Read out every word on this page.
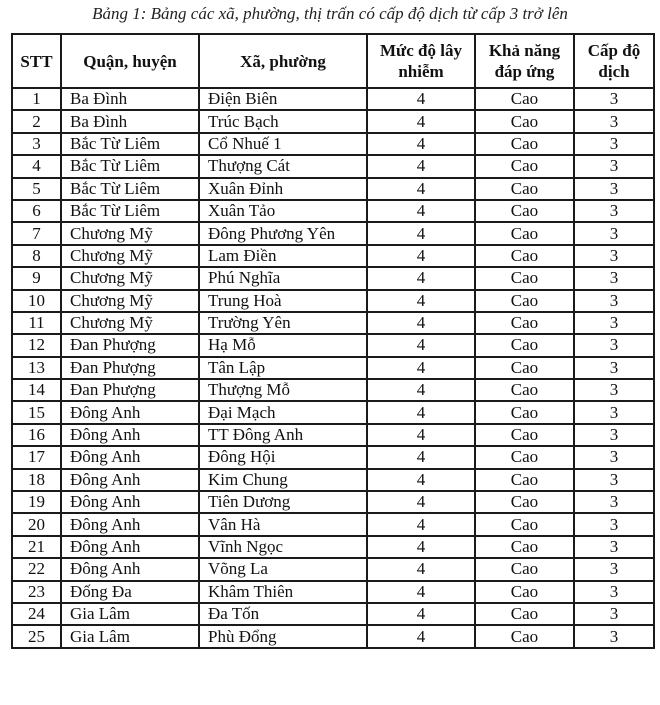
Bảng 1: Bảng các xã, phường, thị trấn có cấp độ dịch từ cấp 3 trở lên
STT	Quận, huyện	Xã, phường	Mức độ lây nhiễm	Khả năng đáp ứng	Cấp độ dịch
1	Ba Đình	Điện Biên	4	Cao	3
2	Ba Đình	Trúc Bạch	4	Cao	3
3	Bắc Từ Liêm	Cổ Nhuế 1	4	Cao	3
4	Bắc Từ Liêm	Thượng Cát	4	Cao	3
5	Bắc Từ Liêm	Xuân Đỉnh	4	Cao	3
6	Bắc Từ Liêm	Xuân Tảo	4	Cao	3
7	Chương Mỹ	Đông Phương Yên	4	Cao	3
8	Chương Mỹ	Lam Điền	4	Cao	3
9	Chương Mỹ	Phú Nghĩa	4	Cao	3
10	Chương Mỹ	Trung Hoà	4	Cao	3
11	Chương Mỹ	Trường Yên	4	Cao	3
12	Đan Phượng	Hạ Mỗ	4	Cao	3
13	Đan Phượng	Tân Lập	4	Cao	3
14	Đan Phượng	Thượng Mỗ	4	Cao	3
15	Đông Anh	Đại Mạch	4	Cao	3
16	Đông Anh	TT Đông Anh	4	Cao	3
17	Đông Anh	Đông Hội	4	Cao	3
18	Đông Anh	Kim Chung	4	Cao	3
19	Đông Anh	Tiên Dương	4	Cao	3
20	Đông Anh	Vân Hà	4	Cao	3
21	Đông Anh	Vĩnh Ngọc	4	Cao	3
22	Đông Anh	Võng La	4	Cao	3
23	Đống Đa	Khâm Thiên	4	Cao	3
24	Gia Lâm	Đa Tốn	4	Cao	3
25	Gia Lâm	Phù Đổng	4	Cao	3
